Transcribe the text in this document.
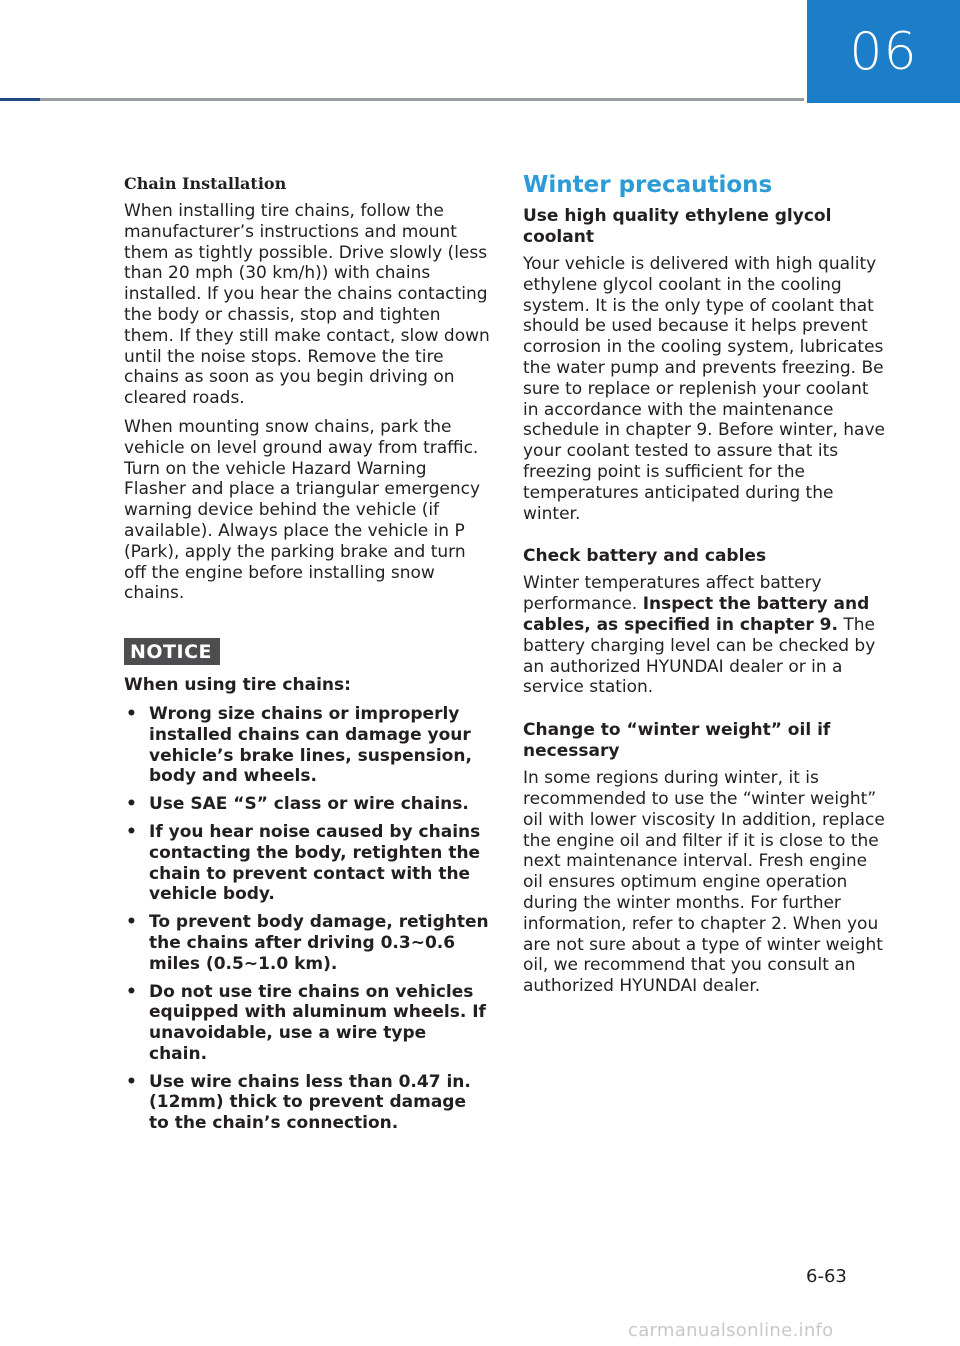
06
Chain Installation

When installing tire chains, follow the manufacturer’s instructions and mount them as tightly possible. Drive slowly (less than 20 mph (30 km/h)) with chains installed. If you hear the chains contacting the body or chassis, stop and tighten them. If they still make contact, slow down until the noise stops. Remove the tire chains as soon as you begin driving on cleared roads.

When mounting snow chains, park the vehicle on level ground away from traffic. Turn on the vehicle Hazard Warning Flasher and place a triangular emergency warning device behind the vehicle (if available). Always place the vehicle in P (Park), apply the parking brake and turn off the engine before installing snow chains.

NOTICE
When using tire chains:
• Wrong size chains or improperly installed chains can damage your vehicle’s brake lines, suspension, body and wheels.
• Use SAE “S” class or wire chains.
• If you hear noise caused by chains contacting the body, retighten the chain to prevent contact with the vehicle body.
• To prevent body damage, retighten the chains after driving 0.3~0.6 miles (0.5~1.0 km).
• Do not use tire chains on vehicles equipped with aluminum wheels. If unavoidable, use a wire type chain.
• Use wire chains less than 0.47 in. (12mm) thick to prevent damage to the chain’s connection.
Winter precautions
Use high quality ethylene glycol coolant

Your vehicle is delivered with high quality ethylene glycol coolant in the cooling system. It is the only type of coolant that should be used because it helps prevent corrosion in the cooling system, lubricates the water pump and prevents freezing. Be sure to replace or replenish your coolant in accordance with the maintenance schedule in chapter 9. Before winter, have your coolant tested to assure that its freezing point is sufficient for the temperatures anticipated during the winter.

Check battery and cables

Winter temperatures affect battery performance. Inspect the battery and cables, as specified in chapter 9. The battery charging level can be checked by an authorized HYUNDAI dealer or in a service station.

Change to “winter weight” oil if necessary

In some regions during winter, it is recommended to use the “winter weight” oil with lower viscosity In addition, replace the engine oil and filter if it is close to the next maintenance interval. Fresh engine oil ensures optimum engine operation during the winter months. For further information, refer to chapter 2. When you are not sure about a type of winter weight oil, we recommend that you consult an authorized HYUNDAI dealer.

6-63
carmanualsonline.info
